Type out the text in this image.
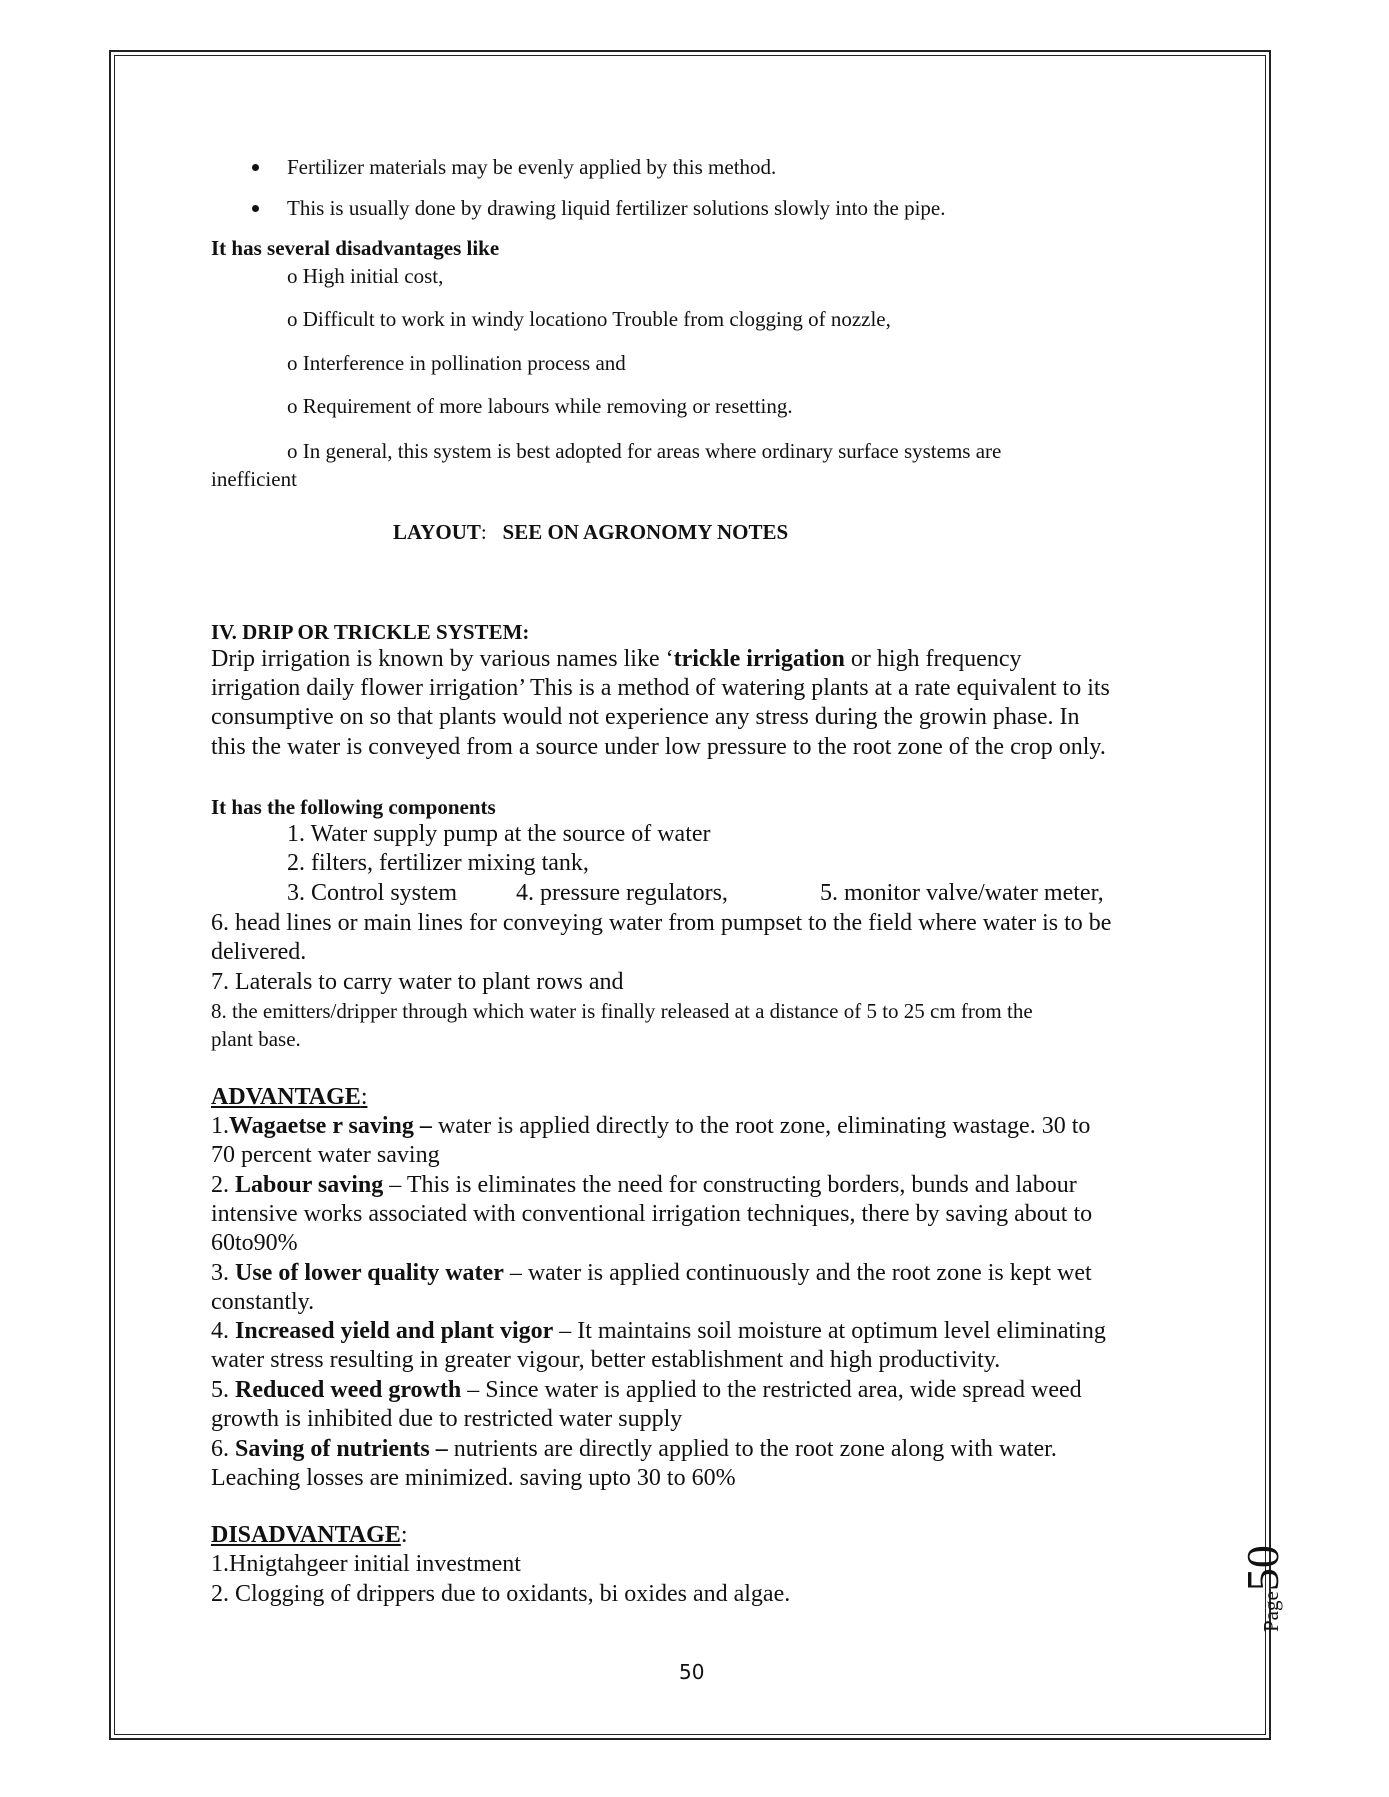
Fertilizer materials may be evenly applied by this method.
This is usually done by drawing liquid fertilizer solutions slowly into the pipe.
It has several disadvantages like
o High initial cost,
o Difficult to work in windy locationo Trouble from clogging of nozzle,
o Interference in pollination process and
o Requirement of more labours while removing or resetting.
o In general, this system is best adopted for areas where ordinary surface systems are
inefficient
LAYOUT: SEE ON AGRONOMY NOTES
IV. DRIP OR TRICKLE SYSTEM:
Drip irrigation is known by various names like ‘trickle irrigation or high frequency
irrigation daily flower irrigation’ This is a method of watering plants at a rate equivalent to its
consumptive on so that plants would not experience any stress during the growin phase. In
this the water is conveyed from a source under low pressure to the root zone of the crop only.
It has the following components
1. Water supply pump at the source of water
2. filters, fertilizer mixing tank,
3. Control system 4. pressure regulators,	5. monitor valve/water meter,
6. head lines or main lines for conveying water from pumpset to the field where water is to be
delivered.
7. Laterals to carry water to plant rows and
8. the emitters/dripper through which water is finally released at a distance of 5 to 25 cm from the
plant base.
ADVANTAGE:
1.Wagaetse r saving – water is applied directly to the root zone, eliminating wastage. 30 to
70 percent water saving
2. Labour saving – This is eliminates the need for constructing borders, bunds and labour
intensive works associated with conventional irrigation techniques, there by saving about to
60to90%
3. Use of lower quality water – water is applied continuously and the root zone is kept wet
constantly.
4. Increased yield and plant vigor – It maintains soil moisture at optimum level eliminating
water stress resulting in greater vigour, better establishment and high productivity.
5. Reduced weed growth – Since water is applied to the restricted area, wide spread weed
growth is inhibited due to restricted water supply
6. Saving of nutrients – nutrients are directly applied to the root zone along with water.
Leaching losses are minimized. saving upto 30 to 60%
DISADVANTAGE:
1.Hnigtahgeer initial investment
2. Clogging of drippers due to oxidants, bi oxides and algae.
50
Page50
